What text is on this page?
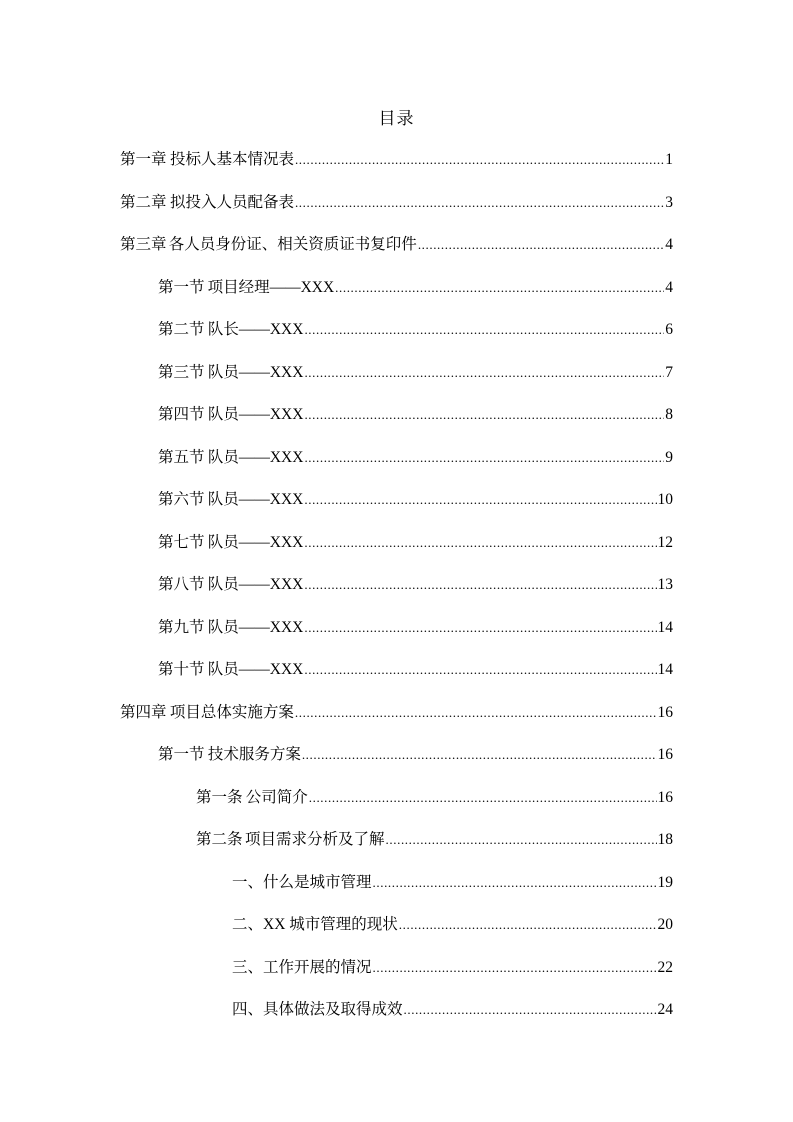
目录
第一章 投标人基本情况表 .....	1
第二章 拟投入人员配备表 .....	3
第三章 各人员身份证、相关资质证书复印件 .....	4
第一节 项目经理——XXX .....	4
第二节 队长——XXX .....	6
第三节 队员——XXX .....	7
第四节 队员——XXX .....	8
第五节 队员——XXX .....	9
第六节 队员——XXX .....	10
第七节 队员——XXX .....	12
第八节 队员——XXX .....	13
第九节 队员——XXX .....	14
第十节 队员——XXX .....	14
第四章 项目总体实施方案 .....	16
第一节 技术服务方案 .....	16
第一条 公司简介 .....	16
第二条 项目需求分析及了解 .....	18
一、 什么是城市管理 .....	19
二、 XX 城市管理的现状 .....	20
三、 工作开展的情况 .....	22
四、 具体做法及取得成效 .....	24
